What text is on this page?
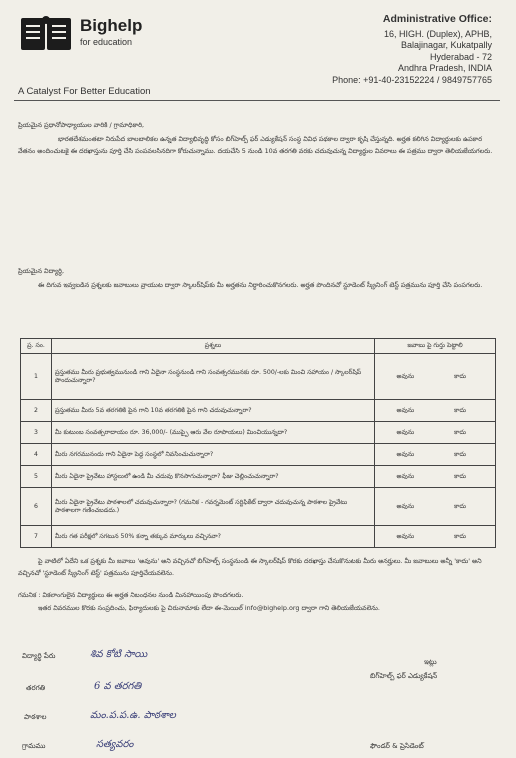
Bighelp
for education
A Catalyst For Better Education
Administrative Office:
16, HIGH. (Duplex), APHB,
Balajinagar, Kukatpally
Hyderabad - 72
Andhra Pradesh, INDIA
Phone: +91-40-23152224 / 9849757765
ప్రియమైన ప్రధానోపాధ్యాయుల వారికి / గ్రామాధికారి,
భారతదేశమంతటా నిరుపేద బాలబాలికల ఉన్నత విద్యాభివృద్ధి కోసం బిగ్‌హెల్ప్ ఫర్ ఎడ్యుకేషన్ సంస్థ వివిధ పథకాల ద్వారా కృషి చేస్తున్నది. అర్హత కలిగిన విద్యార్థులకు ఉపకార వేతనం అందించుటకై ఈ దరఖాస్తును పూర్తి చేసి పంపవలసినదిగా కోరుచున్నాము. దయచేసి 5 నుండి 10వ తరగతి వరకు చదువుచున్న విద్యార్థుల వివరాలు ఈ పత్రము ద్వారా తెలియజేయగలరు.
ప్రియమైన విద్యార్థి,
ఈ దిగువ ఇవ్వబడిన ప్రశ్నలకు జవాబులు వ్రాయుట ద్వారా స్కాలర్‌షిప్‌కు మీ అర్హతను నిర్ధారించుకొనగలరు. అర్హత పొందినచో స్టూడెంట్ స్క్రీనింగ్ టెస్ట్ పత్రమును పూర్తి చేసి పంపగలరు.
ప్ర. సం.	ప్రశ్నలు	జవాబు పై గుర్తు పెట్టాలి
1	ప్రస్తుతము మీరు ప్రభుత్వమునుండి గాని ఏదైనా సంస్థనుండి గాని సంవత్సరమునకు రూ. 500/-లకు మించి సహాయం / స్కాలర్‌షిప్ పొందుచున్నారా?	అవును కాదు
2	ప్రస్తుతము మీరు 5వ తరగతికి పైన గాని 10వ తరగతికి పైన గాని చదువుచున్నారా?	అవును కాదు
3	మీ కుటుంబ సంవత్సరాదాయం రూ. 36,000/- (ముప్పై ఆరు వేల రూపాయలు) మించియున్నదా?	అవును కాదు
4	మీరు నగరమునందు గాని ఏదైనా పెద్ద సంస్థలో నివసించుచున్నారా?	అవును కాదు
5	మీరు ఏదైనా ప్రైవేటు హాస్టలులో ఉండి మీ చదువు కొనసాగుచున్నారా? ఫీజు చెల్లించుచున్నారా?	అవును కాదు
6	మీరు ఏదైనా ప్రైవేటు పాఠశాలలో చదువుచున్నారా? (గమనిక - గవర్నమెంట్ సర్టిఫికేట్ ద్వారా చదువుచున్న పాఠశాల ప్రైవేటు పాఠశాలగా గణించబడదు.)	అవును కాదు
7	మీరు గత పరీక్షలో సగటున 50% కన్నా తక్కువ మార్కులు వచ్చినవా?	అవును కాదు
పై వాటిలో ఏదేని ఒక ప్రశ్నకు మీ జవాబు 'అవును' అని వచ్చినచో బిగ్‌హెల్ప్ సంస్థనుండి ఈ స్కాలర్‌షిప్ కొరకు దరఖాస్తు చేసుకొనుటకు మీరు అనర్హులు. మీ జవాబులు అన్నీ 'కాదు' అని వచ్చినచో 'స్టూడెంట్ స్క్రీనింగ్ టెస్ట్' పత్రమును పూర్తిచేయవలెను.
గమనిక : వికలాంగులైన విద్యార్థులు ఈ అర్హత నిబంధనల నుండి మినహాయింపు పొందగలరు.
ఇతర వివరముల కొరకు సంప్రదించు, ఫిర్యాదులకు పై చిరునామాకు లేదా ఈ-మెయిల్ info@bighelp.org ద్వారా గాని తెలియజేయవలెను.
విద్యార్థి పేరు	శివ కోటి సాయి
తరగతి	6 వ తరగతి
పాఠశాల	మం.ప.ప.ఉ. పాఠశాల
గ్రామము	సత్యవరం
ఇట్లు
బిగ్‌హెల్ప్ ఫర్ ఎడ్యుకేషన్
ఫౌండర్ & ప్రెసిడెంట్
